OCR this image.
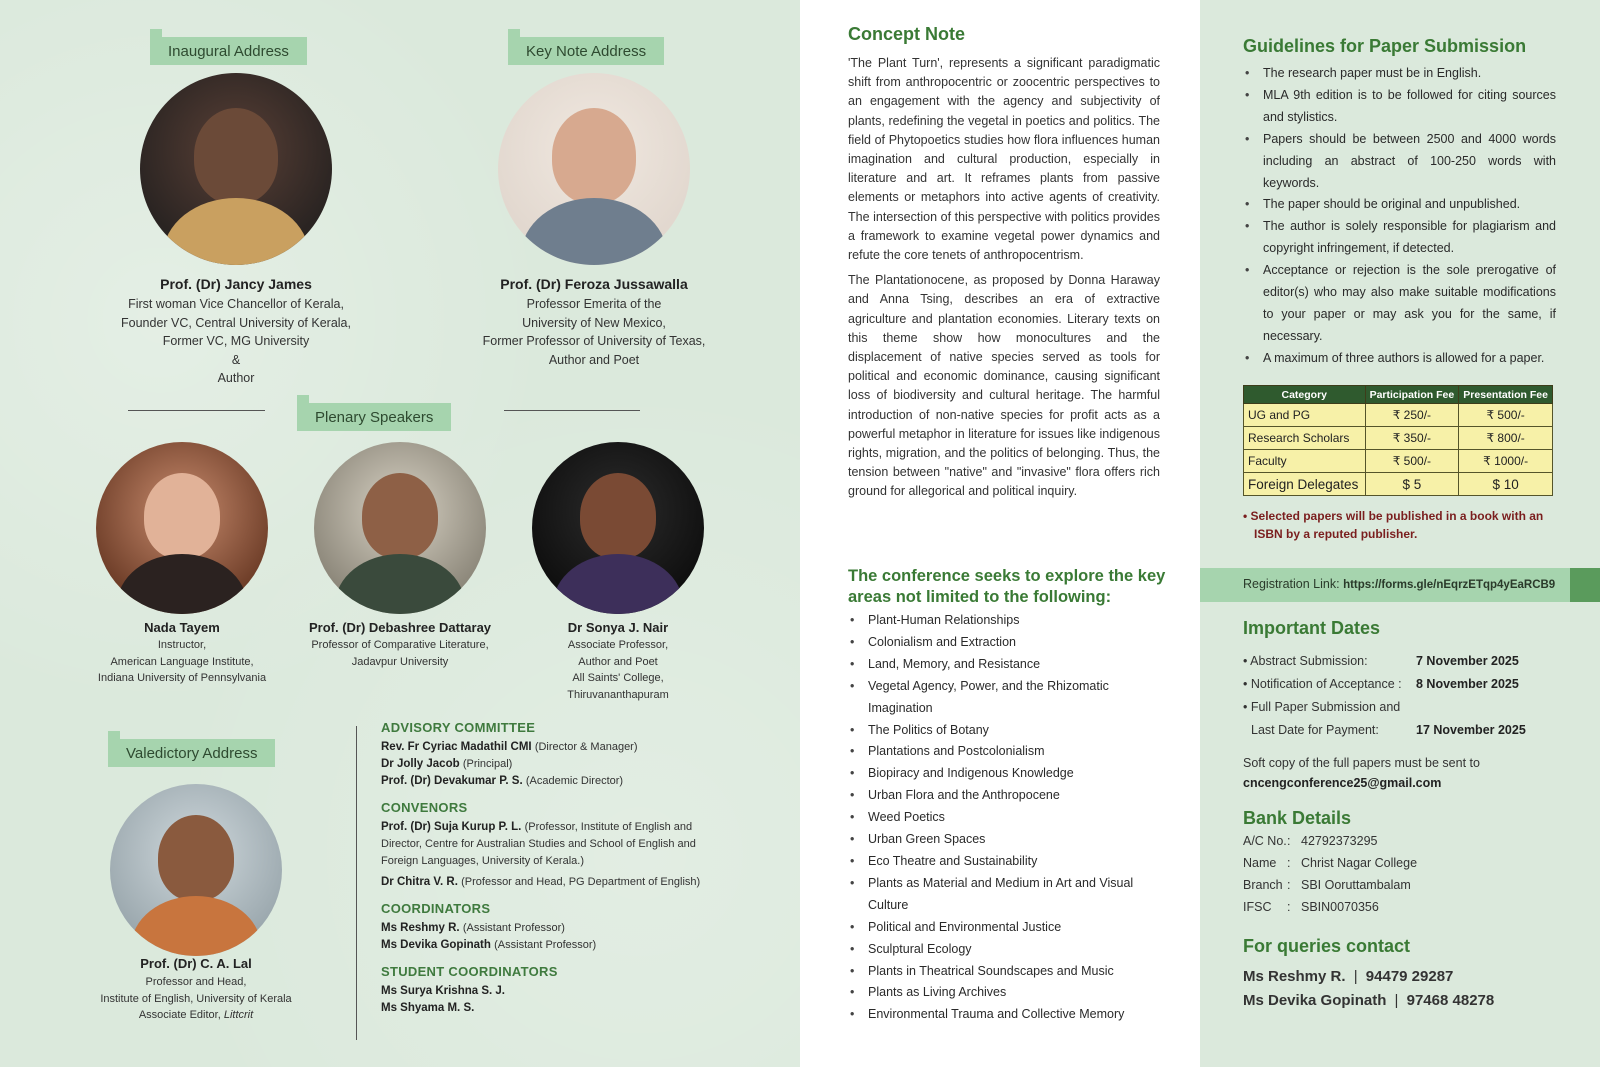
Inaugural Address
Prof. (Dr) Jancy James
First woman Vice Chancellor of Kerala,
Founder VC, Central University of Kerala,
Former VC, MG University
&
Author
Key Note Address
Prof. (Dr) Feroza Jussawalla
Professor Emerita of the
University of New Mexico,
Former Professor of University of Texas,
Author and Poet
Plenary Speakers
Nada Tayem
Instructor,
American Language Institute,
Indiana University of Pennsylvania
Prof. (Dr) Debashree Dattaray
Professor of Comparative Literature,
Jadavpur University
Dr Sonya J. Nair
Associate Professor,
Author and Poet
All Saints' College,
Thiruvananthapuram
Valedictory Address
Prof. (Dr) C. A. Lal
Professor and Head,
Institute of English, University of Kerala
Associate Editor, Littcrit
ADVISORY COMMITTEE
Rev. Fr Cyriac Madathil CMI (Director & Manager)
Dr Jolly Jacob (Principal)
Prof. (Dr) Devakumar P. S. (Academic Director)
CONVENORS
Prof. (Dr) Suja Kurup P. L. (Professor, Institute of English and Director, Centre for Australian Studies and School of English and Foreign Languages, University of Kerala.)
Dr Chitra V. R. (Professor and Head, PG Department of English)
COORDINATORS
Ms Reshmy R. (Assistant Professor)
Ms Devika Gopinath (Assistant Professor)
STUDENT COORDINATORS
Ms Surya Krishna S. J.
Ms Shyama M. S.
Concept Note

'The Plant Turn', represents a significant paradigmatic shift from anthropocentric or zoocentric perspectives to an engagement with the agency and subjectivity of plants, redefining the vegetal in poetics and politics. The field of Phytopoetics studies how flora influences human imagination and cultural production, especially in literature and art. It reframes plants from passive elements or metaphors into active agents of creativity. The intersection of this perspective with politics provides a framework to examine vegetal power dynamics and refute the core tenets of anthropocentrism.

The Plantationocene, as proposed by Donna Haraway and Anna Tsing, describes an era of extractive agriculture and plantation economies. Literary texts on this theme show how monocultures and the displacement of native species served as tools for political and economic dominance, causing significant loss of biodiversity and cultural heritage. The harmful introduction of non-native species for profit acts as a powerful metaphor in literature for issues like indigenous rights, migration, and the politics of belonging. Thus, the tension between "native" and "invasive" flora offers rich ground for allegorical and political inquiry.

The conference seeks to explore the key areas not limited to the following:
• Plant-Human Relationships
• Colonialism and Extraction
• Land, Memory, and Resistance
• Vegetal Agency, Power, and the Rhizomatic Imagination
• The Politics of Botany
• Plantations and Postcolonialism
• Biopiracy and Indigenous Knowledge
• Urban Flora and the Anthropocene
• Weed Poetics
• Urban Green Spaces
• Eco Theatre and Sustainability
• Plants as Material and Medium in Art and Visual Culture
• Political and Environmental Justice
• Sculptural Ecology
• Plants in Theatrical Soundscapes and Music
• Plants as Living Archives
• Environmental Trauma and Collective Memory
Guidelines for Paper Submission
• The research paper must be in English.
• MLA 9th edition is to be followed for citing sources and stylistics.
• Papers should be between 2500 and 4000 words including an abstract of 100-250 words with keywords.
• The paper should be original and unpublished.
• The author is solely responsible for plagiarism and copyright infringement, if detected.
• Acceptance or rejection is the sole prerogative of editor(s) who may also make suitable modifications to your paper or may ask you for the same, if necessary.
• A maximum of three authors is allowed for a paper.
Category	Participation Fee	Presentation Fee
UG and PG	₹ 250/-	₹ 500/-
Research Scholars	₹ 350/-	₹ 800/-
Faculty	₹ 500/-	₹ 1000/-
Foreign Delegates	$ 5	$ 10
• Selected papers will be published in a book with an
ISBN by a reputed publisher.
Registration Link: https://forms.gle/nEqrzETqp4yEaRCB9
Important Dates
• Abstract Submission:	7 November 2025
• Notification of Acceptance : 8 November 2025
• Full Paper Submission and
Last Date for Payment:	17 November 2025
Soft copy of the full papers must be sent to
cncengconference25@gmail.com
Bank Details
A/C No.: 42792373295
Name : Christ Nagar College
Branch : SBI Ooruttambalam
IFSC : SBIN0070356
For queries contact
Ms Reshmy R. | 94479 29287
Ms Devika Gopinath | 97468 48278
